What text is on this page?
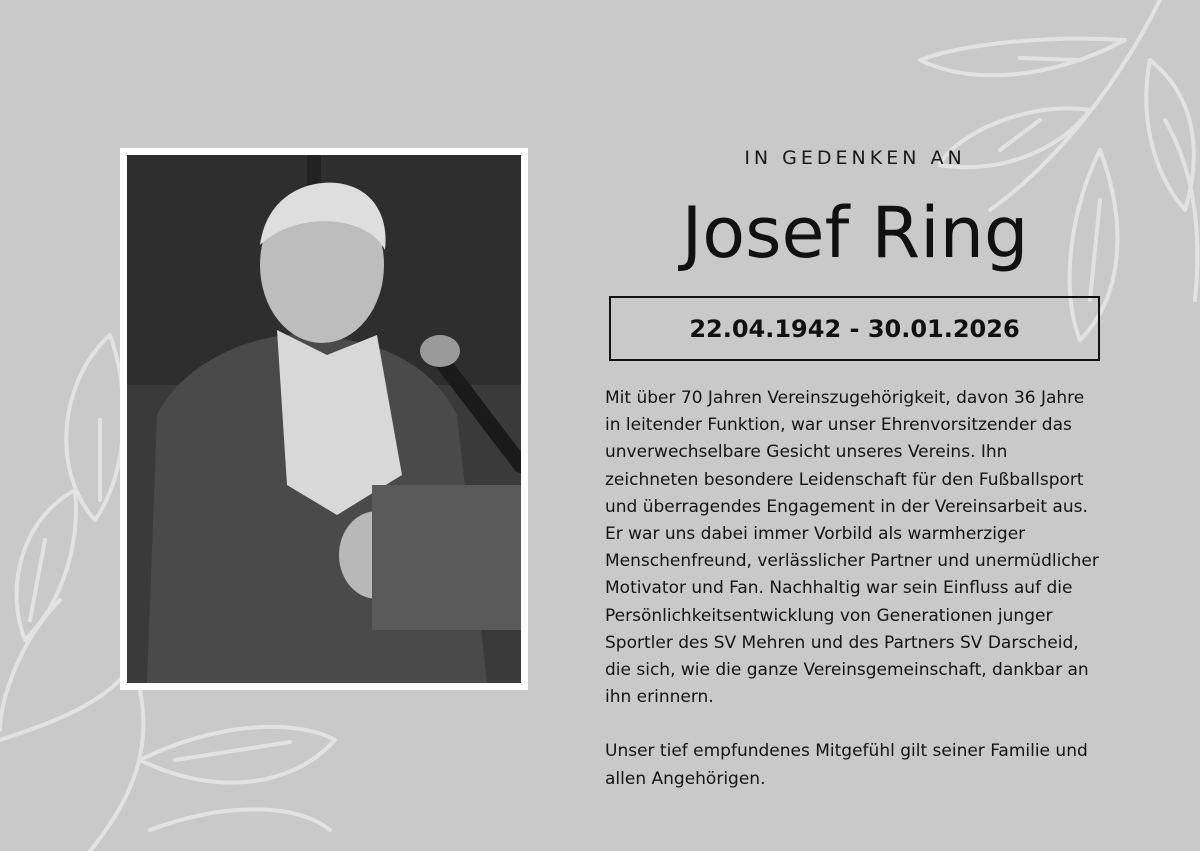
IN GEDENKEN AN
Josef Ring
22.04.1942 - 30.01.2026

Mit über 70 Jahren Vereinszugehörigkeit, davon 36 Jahre in leitender Funktion, war unser Ehrenvorsitzender das unverwechselbare Gesicht unseres Vereins. Ihn zeichneten besondere Leidenschaft für den Fußballsport und überragendes Engagement in der Vereinsarbeit aus. Er war uns dabei immer Vorbild als warmherziger Menschenfreund, verlässlicher Partner und unermüdlicher Motivator und Fan. Nachhaltig war sein Einfluss auf die Persönlichkeitsentwicklung von Generationen junger Sportler des SV Mehren und des Partners SV Darscheid, die sich, wie die ganze Vereinsgemeinschaft, dankbar an ihn erinnern.

Unser tief empfundenes Mitgefühl gilt seiner Familie und allen Angehörigen.
